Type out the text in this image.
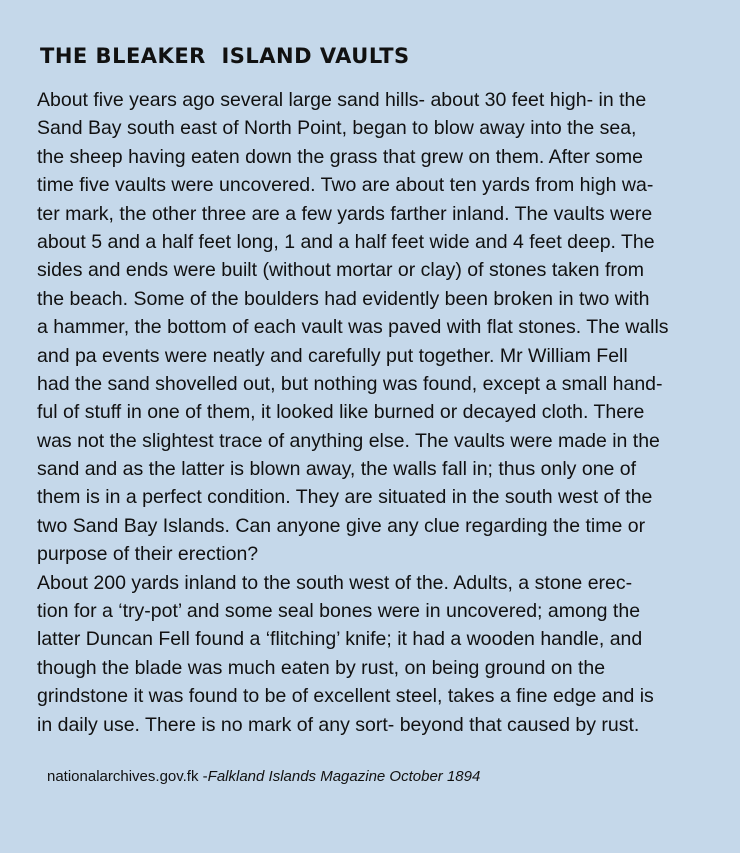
THE BLEAKER  ISLAND VAULTS
About five years ago several large sand hills- about 30 feet high- in the
Sand Bay south east of North Point, began to blow away into the sea,
the sheep having eaten down the grass that grew on them. After some
time five vaults were uncovered. Two are about ten yards from high wa-
ter mark, the other three are a few yards farther inland. The vaults were
about 5 and a half feet long, 1 and a half feet wide and 4 feet deep. The
sides and ends were built (without mortar or clay) of stones taken from
the beach. Some of the boulders had evidently been broken in two with
a hammer, the bottom of each vault was paved with flat stones. The walls
and pa events were neatly and carefully put together. Mr William Fell
had the sand shovelled out, but nothing was found, except a small hand-
ful of stuff in one of them, it looked like burned or decayed cloth. There
was not the slightest trace of anything else. The vaults were made in the
sand and as the latter is blown away, the walls fall in; thus only one of
them is in a perfect condition. They are situated in the south west of the
two Sand Bay Islands. Can anyone give any clue regarding the time or
purpose of their erection?
About 200 yards inland to the south west of the. Adults, a stone erec-
tion for a ‘try-pot’ and some seal bones were in uncovered; among the
latter Duncan Fell found a ‘flitching’ knife; it had a wooden handle, and
though the blade was much eaten by rust, on being ground on the
grindstone it was found to be of excellent steel, takes a fine edge and is
in daily use. There is no mark of any sort- beyond that caused by rust.
nationalarchives.gov.fk -Falkland Islands Magazine October 1894
